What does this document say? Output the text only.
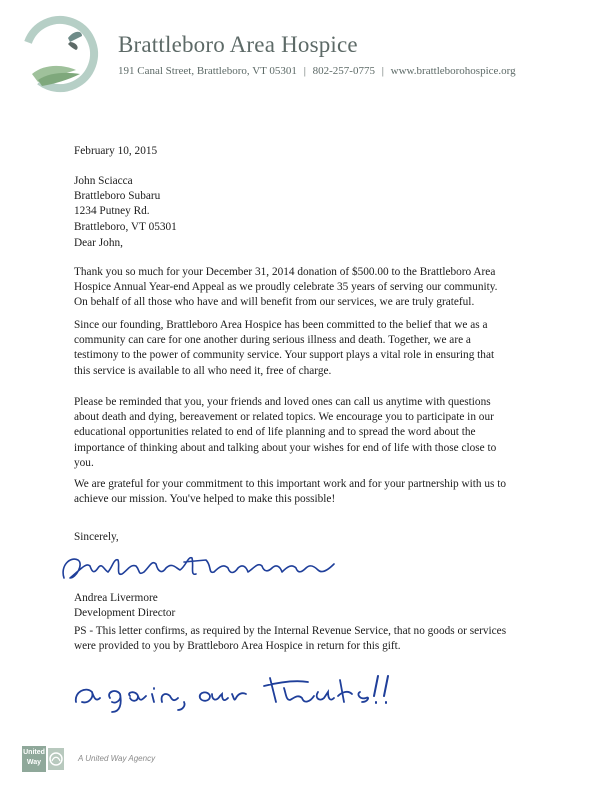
Brattleboro Area Hospice
191 Canal Street, Brattleboro, VT 05301 | 802-257-0775 | www.brattleborohospice.org
February 10, 2015
John Sciacca
Brattleboro Subaru
1234 Putney Rd.
Brattleboro, VT 05301
Dear John,
Thank you so much for your December 31, 2014 donation of $500.00 to the Brattleboro Area
Hospice Annual Year-end Appeal as we proudly celebrate 35 years of serving our community.
On behalf of all those who have and will benefit from our services, we are truly grateful.
Since our founding, Brattleboro Area Hospice has been committed to the belief that we as a
community can care for one another during serious illness and death. Together, we are a
testimony to the power of community service. Your support plays a vital role in ensuring that
this service is available to all who need it, free of charge.
Please be reminded that you, your friends and loved ones can call us anytime with questions
about death and dying, bereavement or related topics. We encourage you to participate in our
educational opportunities related to end of life planning and to spread the word about the
importance of thinking about and talking about your wishes for end of life with those close to
you.
We are grateful for your commitment to this important work and for your partnership with us to
achieve our mission. You've helped to make this possible!
Sincerely,
Andrea Livermore
Development Director
PS - This letter confirms, as required by the Internal Revenue Service, that no goods or services
were provided to you by Brattleboro Area Hospice in return for this gift.
United
Way	A United Way Agency
